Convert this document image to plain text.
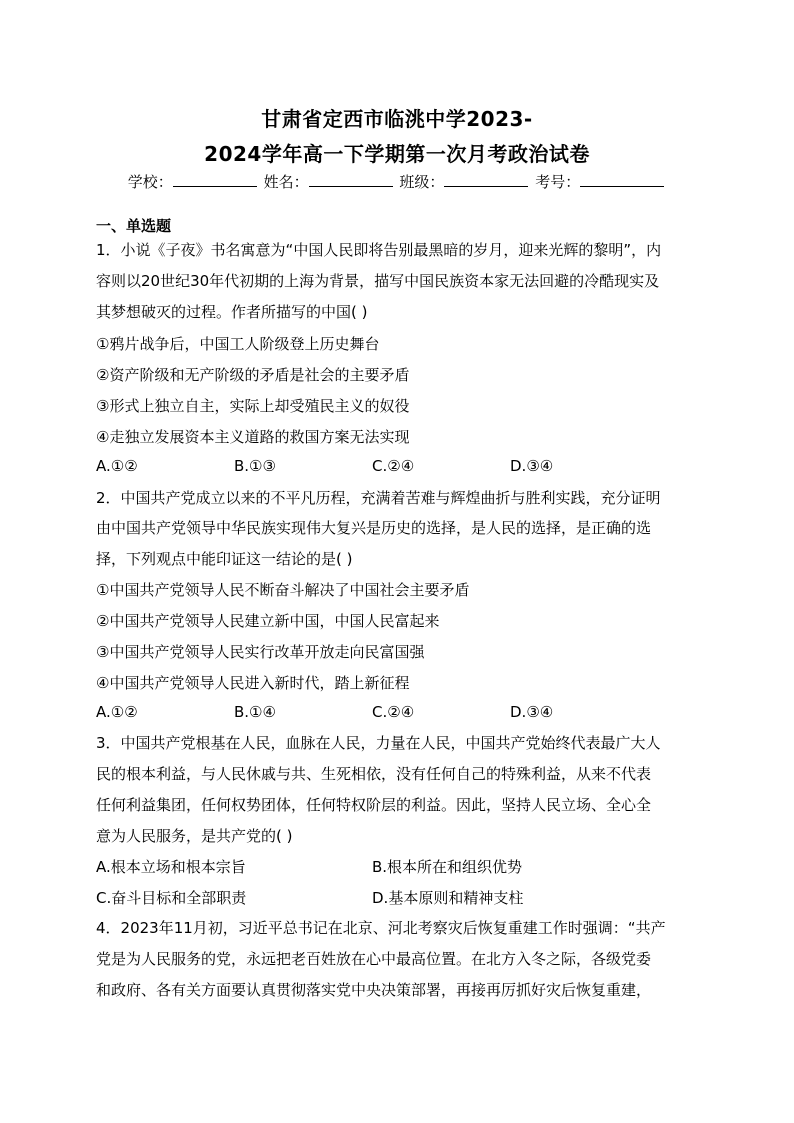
甘肃省定西市临洮中学2023-
2024学年高一下学期第一次月考政治试卷
学校：	姓名：	班级：	考号：
一、单选题
1．小说《子夜》书名寓意为“中国人民即将告别最黑暗的岁月，迎来光辉的黎明”，内
容则以20世纪30年代初期的上海为背景，描写中国民族资本家无法回避的冷酷现实及
其梦想破灭的过程。作者所描写的中国( )
①鸦片战争后，中国工人阶级登上历史舞台
②资产阶级和无产阶级的矛盾是社会的主要矛盾
③形式上独立自主，实际上却受殖民主义的奴役
④走独立发展资本主义道路的救国方案无法实现
A.①②	B.①③	C.②④	D.③④
2．中国共产党成立以来的不平凡历程，充满着苦难与辉煌曲折与胜利实践，充分证明
由中国共产党领导中华民族实现伟大复兴是历史的选择，是人民的选择，是正确的选
择，下列观点中能印证这一结论的是( )
①中国共产党领导人民不断奋斗解决了中国社会主要矛盾
②中国共产党领导人民建立新中国，中国人民富起来
③中国共产党领导人民实行改革开放走向民富国强
④中国共产党领导人民进入新时代，踏上新征程
A.①②	B.①④	C.②④	D.③④
3．中国共产党根基在人民，血脉在人民，力量在人民，中国共产党始终代表最广大人
民的根本利益，与人民休戚与共、生死相依，没有任何自己的特殊利益，从来不代表
任何利益集团，任何权势团体，任何特权阶层的利益。因此，坚持人民立场、全心全
意为人民服务，是共产党的( )
A.根本立场和根本宗旨	B.根本所在和组织优势
C.奋斗目标和全部职责	D.基本原则和精神支柱
4．2023年11月初，习近平总书记在北京、河北考察灾后恢复重建工作时强调：“共产
党是为人民服务的党，永远把老百姓放在心中最高位置。在北方入冬之际，各级党委
和政府、各有关方面要认真贯彻落实党中央决策部署，再接再厉抓好灾后恢复重建，
